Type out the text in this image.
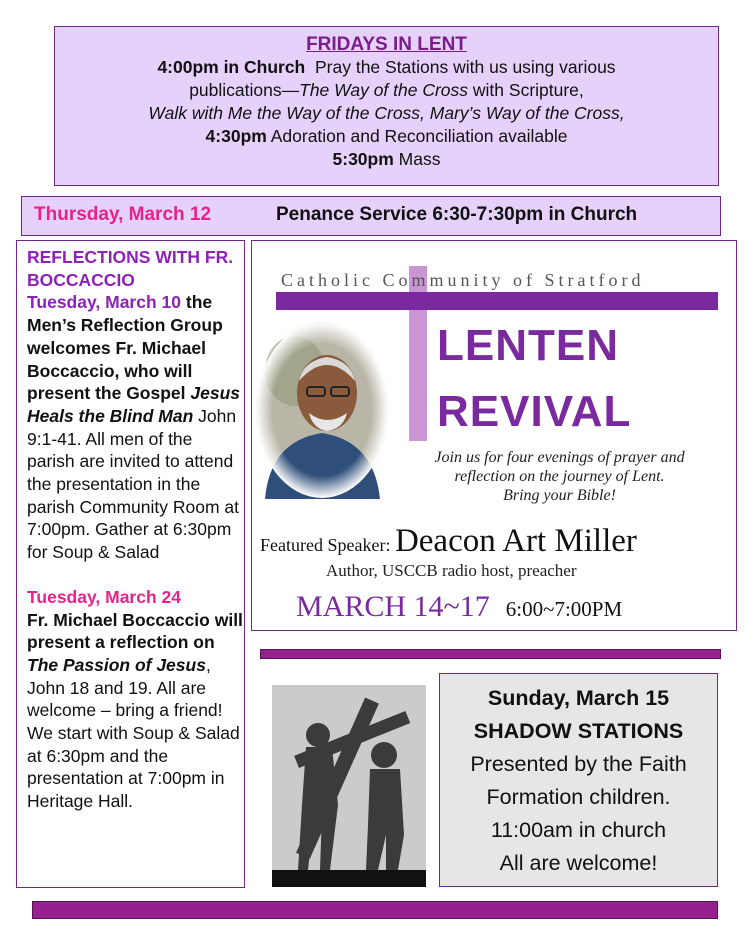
FRIDAYS IN LENT
4:00pm in Church Pray the Stations with us using various
publications—The Way of the Cross with Scripture,
Walk with Me the Way of the Cross, Mary’s Way of the Cross,
4:30pm Adoration and Reconciliation available
5:30pm Mass
Thursday, March 12	Penance Service 6:30-7:30pm in Church

REFLECTIONS WITH FR. BOCCACCIO

Tuesday, March 10 the Men’s Reflection Group welcomes Fr. Michael Boccaccio, who will present the Gospel Jesus Heals the Blind Man John 9:1-41. All men of the parish are invited to attend the presentation in the parish Community Room at 7:00pm. Gather at 6:30pm for Soup & Salad

Tuesday, March 24

Fr. Michael Boccaccio will present a reflection on The Passion of Jesus, John 18 and 19. All are welcome – bring a friend! We start with Soup & Salad at 6:30pm and the presentation at 7:00pm in Heritage Hall.

Catholic Community of Stratford
LENTEN
REVIVAL
Join us for four evenings of prayer and
reflection on the journey of Lent.
Bring your Bible!
Featured Speaker: Deacon Art Miller
Author, USCCB radio host, preacher
MARCH 14~17 6:00~7:00PM
Sunday, March 15
SHADOW STATIONS
Presented by the Faith
Formation children.
11:00am in church
All are welcome!
